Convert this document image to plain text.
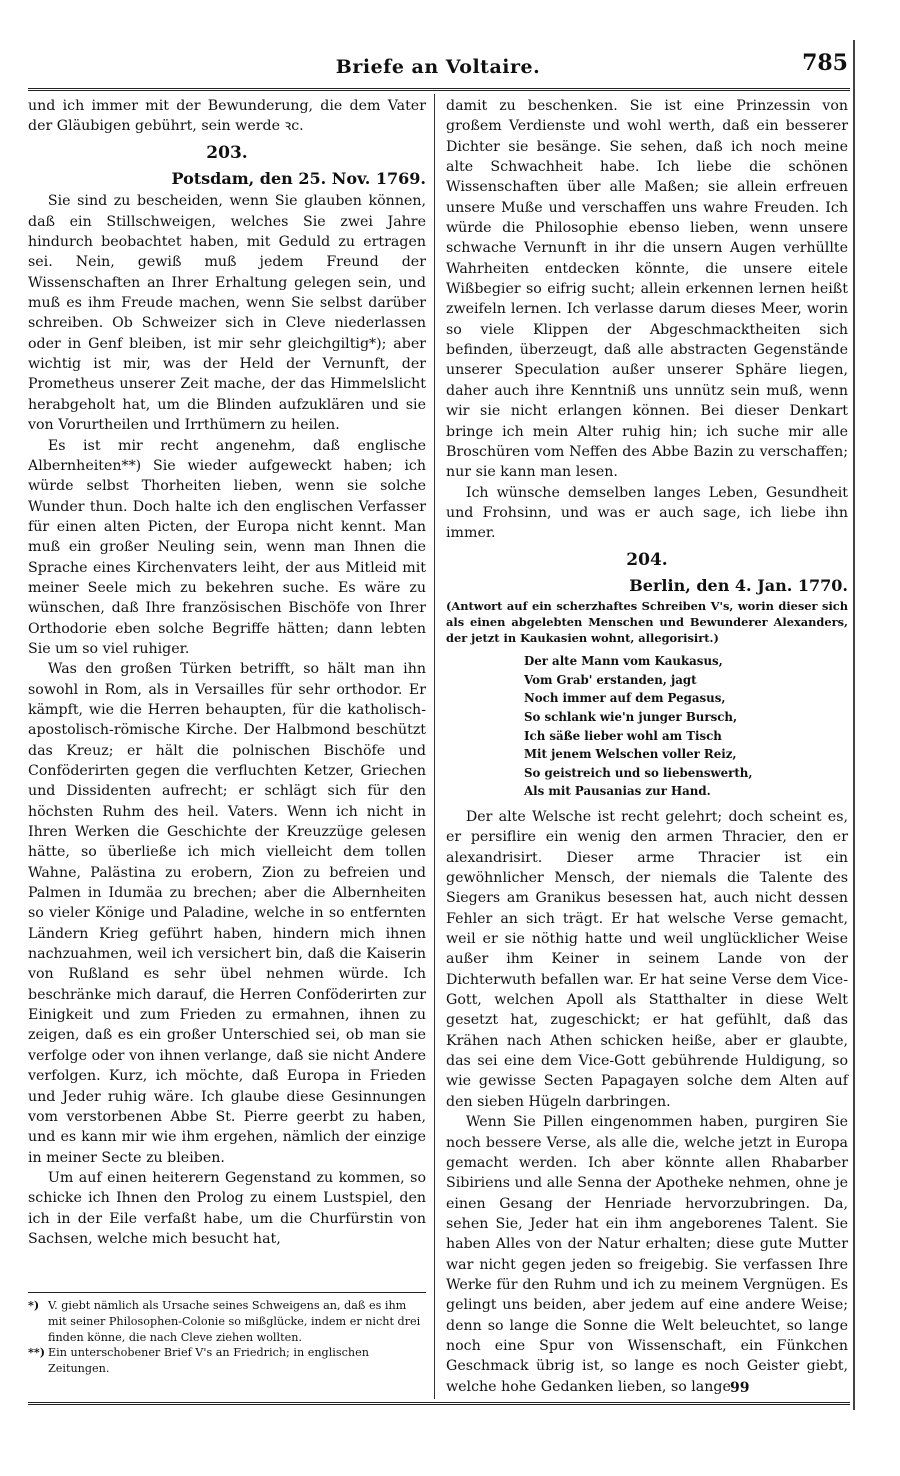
Briefe an Voltaire.	785

und ich immer mit der Bewunderung, die dem Vater der Gläubigen gebührt, sein werde ꝛc.

203.

Potsdam, den 25. Nov. 1769.

Sie sind zu bescheiden, wenn Sie glauben können, daß ein Stillschweigen, welches Sie zwei Jahre hindurch beobachtet haben, mit Geduld zu ertragen sei. Nein, gewiß muß jedem Freund der Wissenschaften an Ihrer Erhaltung gelegen sein, und muß es ihm Freude machen, wenn Sie selbst darüber schreiben. Ob Schweizer sich in Cleve niederlassen oder in Genf bleiben, ist mir sehr gleichgiltig*); aber wichtig ist mir, was der Held der Vernunft, der Prometheus unserer Zeit mache, der das Himmelslicht herabgeholt hat, um die Blinden aufzuklären und sie von Vorurtheilen und Irrthümern zu heilen.

Es ist mir recht angenehm, daß englische Albernheiten**) Sie wieder aufgeweckt haben; ich würde selbst Thorheiten lieben, wenn sie solche Wunder thun. Doch halte ich den englischen Verfasser für einen alten Picten, der Europa nicht kennt. Man muß ein großer Neuling sein, wenn man Ihnen die Sprache eines Kirchenvaters leiht, der aus Mitleid mit meiner Seele mich zu bekehren suche. Es wäre zu wünschen, daß Ihre französischen Bischöfe von Ihrer Orthodorie eben solche Begriffe hätten; dann lebten Sie um so viel ruhiger.

Was den großen Türken betrifft, so hält man ihn sowohl in Rom, als in Versailles für sehr orthodor. Er kämpft, wie die Herren behaupten, für die katholisch-apostolisch-römische Kirche. Der Halbmond beschützt das Kreuz; er hält die polnischen Bischöfe und Conföderirten gegen die verfluchten Ketzer, Griechen und Dissidenten aufrecht; er schlägt sich für den höchsten Ruhm des heil. Vaters. Wenn ich nicht in Ihren Werken die Geschichte der Kreuzzüge gelesen hätte, so überließe ich mich vielleicht dem tollen Wahne, Palästina zu erobern, Zion zu befreien und Palmen in Idumäa zu brechen; aber die Albernheiten so vieler Könige und Paladine, welche in so entfernten Ländern Krieg geführt haben, hindern mich ihnen nachzuahmen, weil ich versichert bin, daß die Kaiserin von Rußland es sehr übel nehmen würde. Ich beschränke mich darauf, die Herren Conföderirten zur Einigkeit und zum Frieden zu ermahnen, ihnen zu zeigen, daß es ein großer Unterschied sei, ob man sie verfolge oder von ihnen verlange, daß sie nicht Andere verfolgen. Kurz, ich möchte, daß Europa in Frieden und Jeder ruhig wäre. Ich glaube diese Gesinnungen vom verstorbenen Abbe St. Pierre geerbt zu haben, und es kann mir wie ihm ergehen, nämlich der einzige in meiner Secte zu bleiben.

Um auf einen heiterern Gegenstand zu kommen, so schicke ich Ihnen den Prolog zu einem Lustspiel, den ich in der Eile verfaßt habe, um die Churfürstin von Sachsen, welche mich besucht hat,

*) V. giebt nämlich als Ursache seines Schweigens an, daß es ihm mit seiner Philosophen-Colonie so mißglücke, indem er nicht drei finden könne, die nach Cleve ziehen wollten.

**) Ein unterschobener Brief V's an Friedrich; in englischen Zeitungen.

damit zu beschenken. Sie ist eine Prinzessin von großem Verdienste und wohl werth, daß ein besserer Dichter sie besänge. Sie sehen, daß ich noch meine alte Schwachheit habe. Ich liebe die schönen Wissenschaften über alle Maßen; sie allein erfreuen unsere Muße und verschaffen uns wahre Freuden. Ich würde die Philosophie ebenso lieben, wenn unsere schwache Vernunft in ihr die unsern Augen verhüllte Wahrheiten entdecken könnte, die unsere eitele Wißbegier so eifrig sucht; allein erkennen lernen heißt zweifeln lernen. Ich verlasse darum dieses Meer, worin so viele Klippen der Abgeschmacktheiten sich befinden, überzeugt, daß alle abstracten Gegenstände unserer Speculation außer unserer Sphäre liegen, daher auch ihre Kenntniß uns unnütz sein muß, wenn wir sie nicht erlangen können. Bei dieser Denkart bringe ich mein Alter ruhig hin; ich suche mir alle Broschüren vom Neffen des Abbe Bazin zu verschaffen; nur sie kann man lesen.

Ich wünsche demselben langes Leben, Gesundheit und Frohsinn, und was er auch sage, ich liebe ihn immer.

204.

Berlin, den 4. Jan. 1770.

(Antwort auf ein scherzhaftes Schreiben V's, worin dieser sich als einen abgelebten Menschen und Bewunderer Alexanders, der jetzt in Kaukasien wohnt, allegorisirt.)

Der alte Mann vom Kaukasus,
Vom Grab' erstanden, jagt
Noch immer auf dem Pegasus,
So schlank wie'n junger Bursch,
Ich säße lieber wohl am Tisch
Mit jenem Welschen voller Reiz,
So geistreich und so liebenswerth,
Als mit Pausanias zur Hand.

Der alte Welsche ist recht gelehrt; doch scheint es, er persiflire ein wenig den armen Thracier, den er alexandrisirt. Dieser arme Thracier ist ein gewöhnlicher Mensch, der niemals die Talente des Siegers am Granikus besessen hat, auch nicht dessen Fehler an sich trägt. Er hat welsche Verse gemacht, weil er sie nöthig hatte und weil unglücklicher Weise außer ihm Keiner in seinem Lande von der Dichterwuth befallen war. Er hat seine Verse dem Vice-Gott, welchen Apoll als Statthalter in diese Welt gesetzt hat, zugeschickt; er hat gefühlt, daß das Krähen nach Athen schicken heiße, aber er glaubte, das sei eine dem Vice-Gott gebührende Huldigung, so wie gewisse Secten Papagayen solche dem Alten auf den sieben Hügeln darbringen.

Wenn Sie Pillen eingenommen haben, purgiren Sie noch bessere Verse, als alle die, welche jetzt in Europa gemacht werden. Ich aber könnte allen Rhabarber Sibiriens und alle Senna der Apotheke nehmen, ohne je einen Gesang der Henriade hervorzubringen. Da, sehen Sie, Jeder hat ein ihm angeborenes Talent. Sie haben Alles von der Natur erhalten; diese gute Mutter war nicht gegen jeden so freigebig. Sie verfassen Ihre Werke für den Ruhm und ich zu meinem Vergnügen. Es gelingt uns beiden, aber jedem auf eine andere Weise; denn so lange die Sonne die Welt beleuchtet, so lange noch eine Spur von Wissenschaft, ein Fünkchen Geschmack übrig ist, so lange es noch Geister giebt, welche hohe Gedanken lieben, so lange 99
